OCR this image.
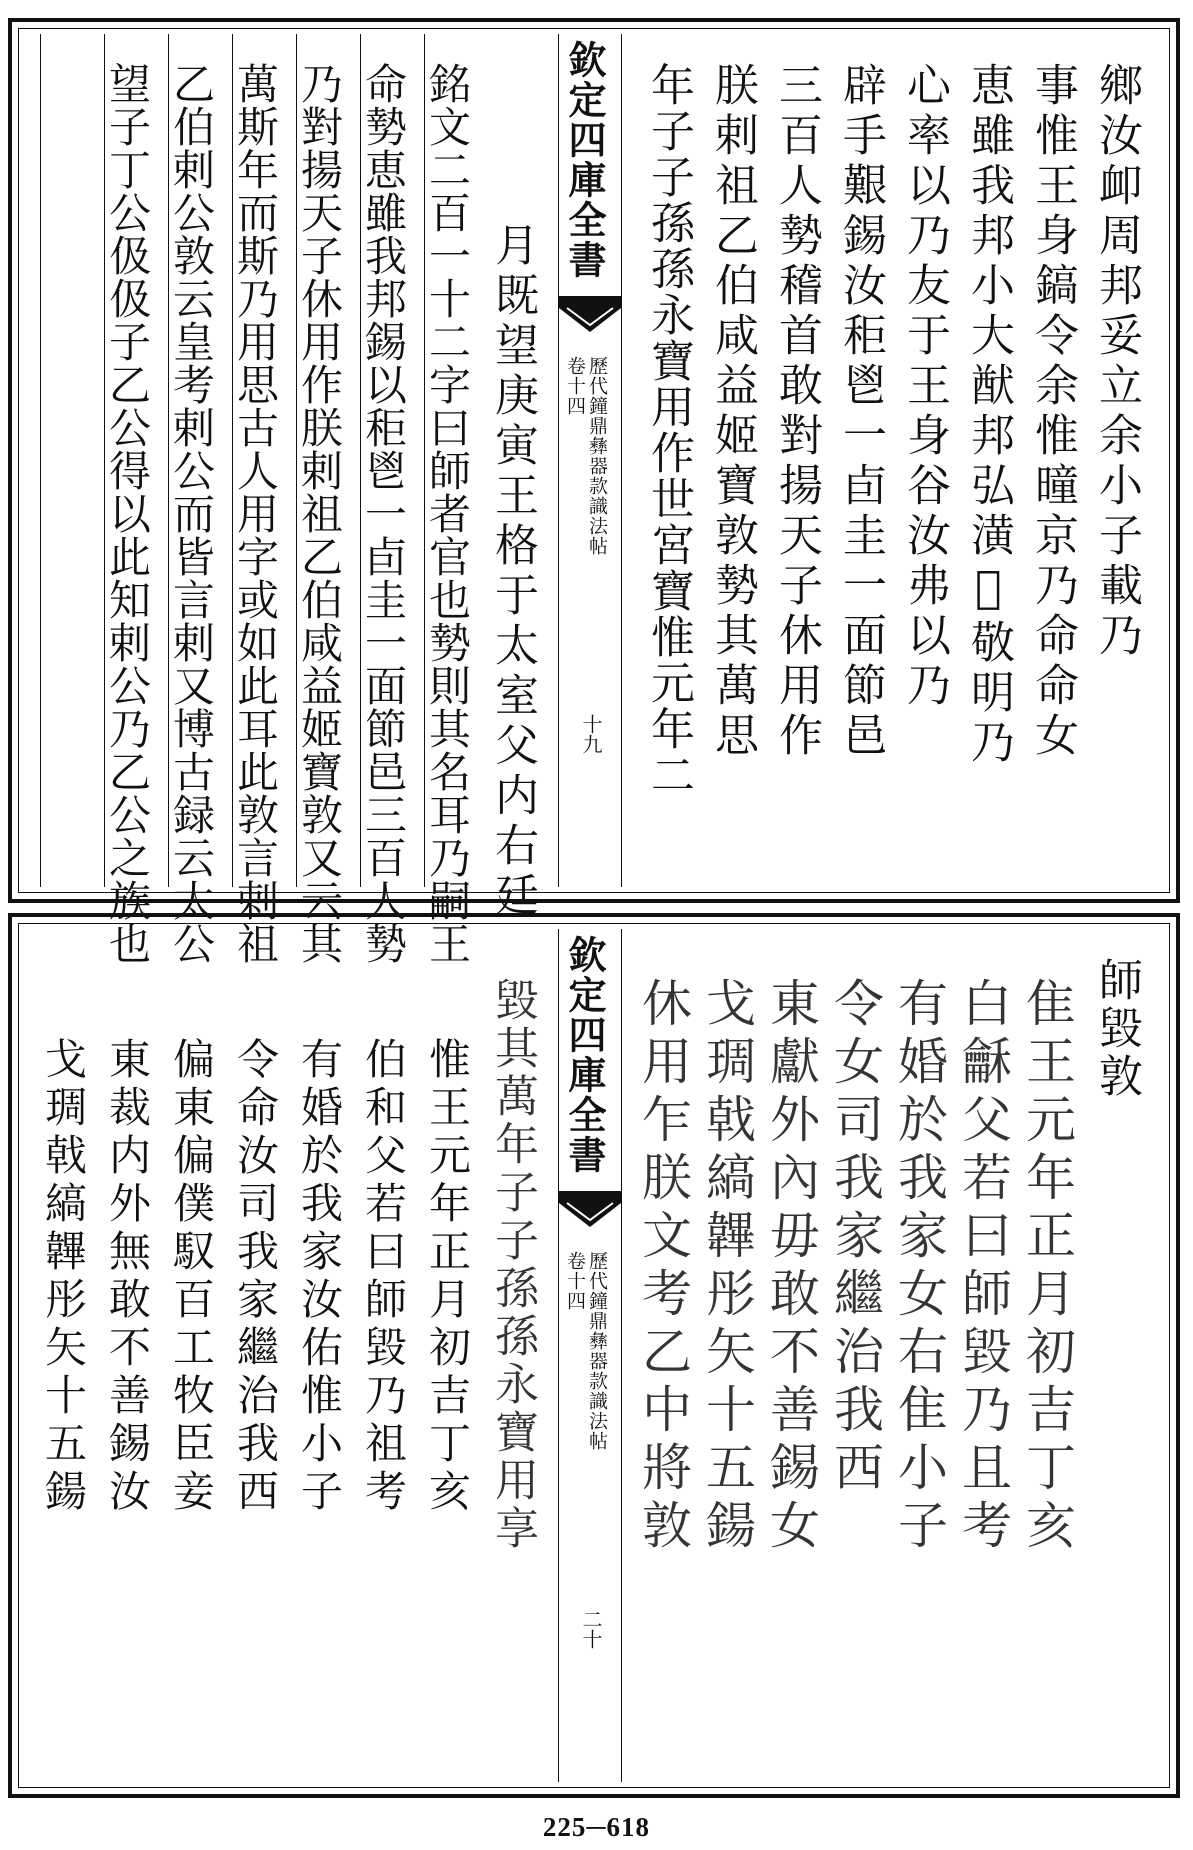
鄉汝卹周邦妥立余小子載乃
事惟王身鎬令余惟曈京乃命命女
恵雖我邦小大猷邦弘潢𨐋敬明乃
心率以乃友于王身谷汝弗以乃
辟手艱錫汝秬鬯一卣圭一面節邑
三百人𫝑稽首敢對揚天子休用作
朕剌祖乙伯咸益姬寶敦𫝑其萬思
年子子孫孫永寶用作世宮寶惟元年二
欽定四庫全書
歷代鐘鼎彝器款識法帖
卷十四
十九
月既望庚寅王格于太室父内右廷
銘文二百一十二字曰師者官也𫝑則其名耳乃嗣王
命𫝑恵雖我邦錫以秬鬯一卣圭一面節邑三百人𫝑
乃對揚天子休用作朕剌祖乙伯咸益姬寶敦又云其
萬斯年而斯乃用思古人用字或如此耳此敦言剌祖
乙伯剌公敦云皇考剌公而皆言剌又博古録云太公
望子丁公伋伋子乙公得以此知剌公乃乙公之族也
師毀敦
隹王元年正月初吉丁亥
白龢父若曰師毀乃且考
有婚於我家女右隹小子
令女司我家繼治我西
東獻外內毋敢不善錫女
戈琱戟縞韠彤矢十五鍚
休用乍朕文考乙中將敦
欽定四庫全書
歷代鐘鼎彝器款識法帖
卷十四
二十
毀其萬年子子孫孫永寶用享
惟王元年正月初吉丁亥
伯和父若曰師毀乃祖考
有婚於我家汝佑惟小子
令命汝司我家繼治我西
偏東偏僕馭百工牧臣妾
東裁内外無敢不善錫汝
戈琱戟縞韠彤矢十五鍚
225─618
